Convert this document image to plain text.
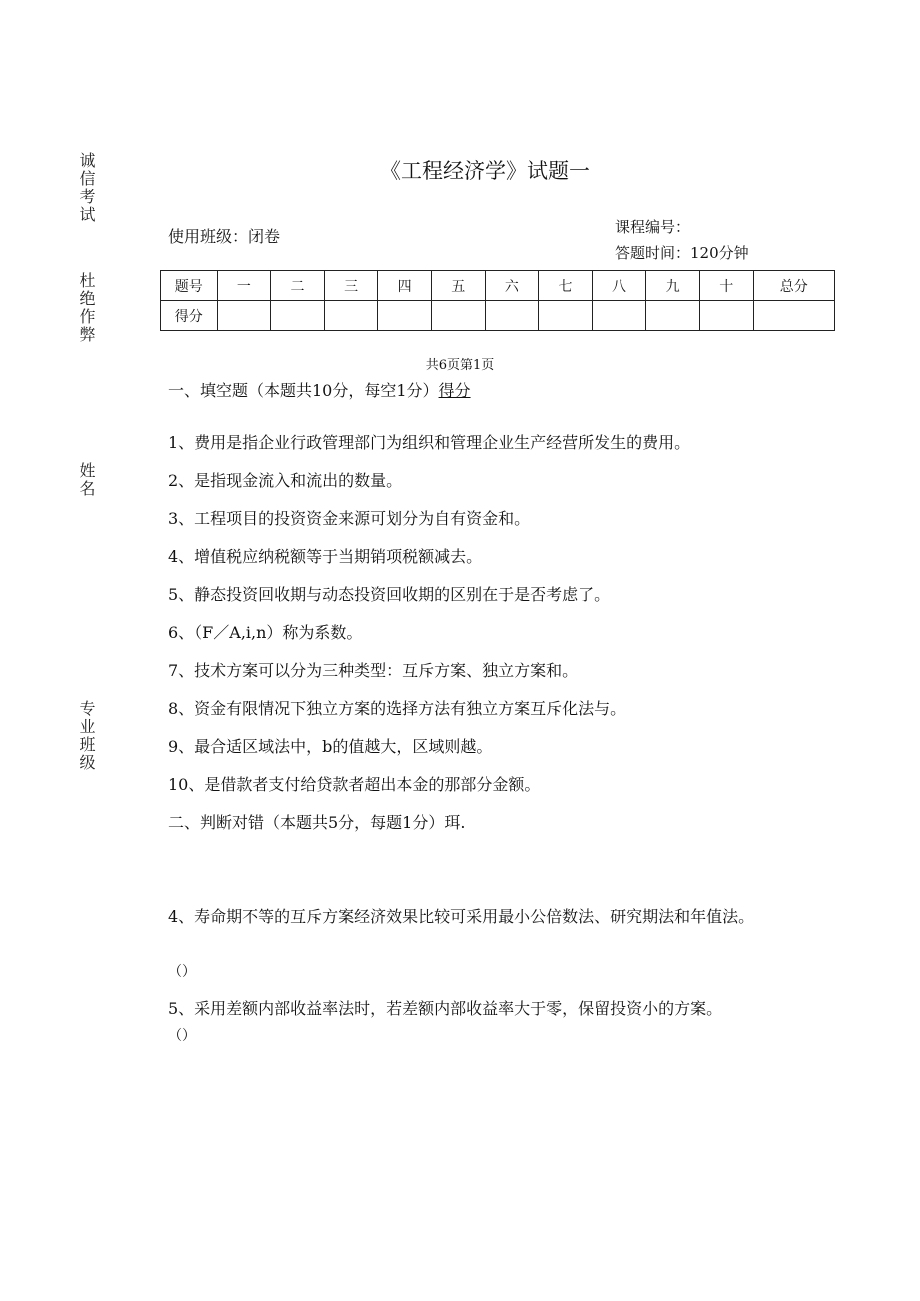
诚信考试
杜绝作弊
姓名
专业班级
《工程经济学》试题一
使用班级：闭卷	课程编号：
答题时间：120分钟
题号	一	二	三	四	五	六	七	八	九	十	总分
得分											
共6页第1页
一、填空题（本题共10分，每空1分）得分
1、费用是指企业行政管理部门为组织和管理企业生产经营所发生的费用。
2、是指现金流入和流出的数量。
3、工程项目的投资资金来源可划分为自有资金和。
4、增值税应纳税额等于当期销项税额减去。
5、静态投资回收期与动态投资回收期的区别在于是否考虑了。
6、（F／A,i,n）称为系数。
7、技术方案可以分为三种类型：互斥方案、独立方案和。
8、资金有限情况下独立方案的选择方法有独立方案互斥化法与。
9、最合适区域法中，b的值越大，区域则越。
10、是借款者支付给贷款者超出本金的那部分金额。
二、判断对错（本题共5分，每题1分）珥.
4、寿命期不等的互斥方案经济效果比较可采用最小公倍数法、研究期法和年值法。
（）
5、采用差额内部收益率法时，若差额内部收益率大于零，保留投资小的方案。
（）
